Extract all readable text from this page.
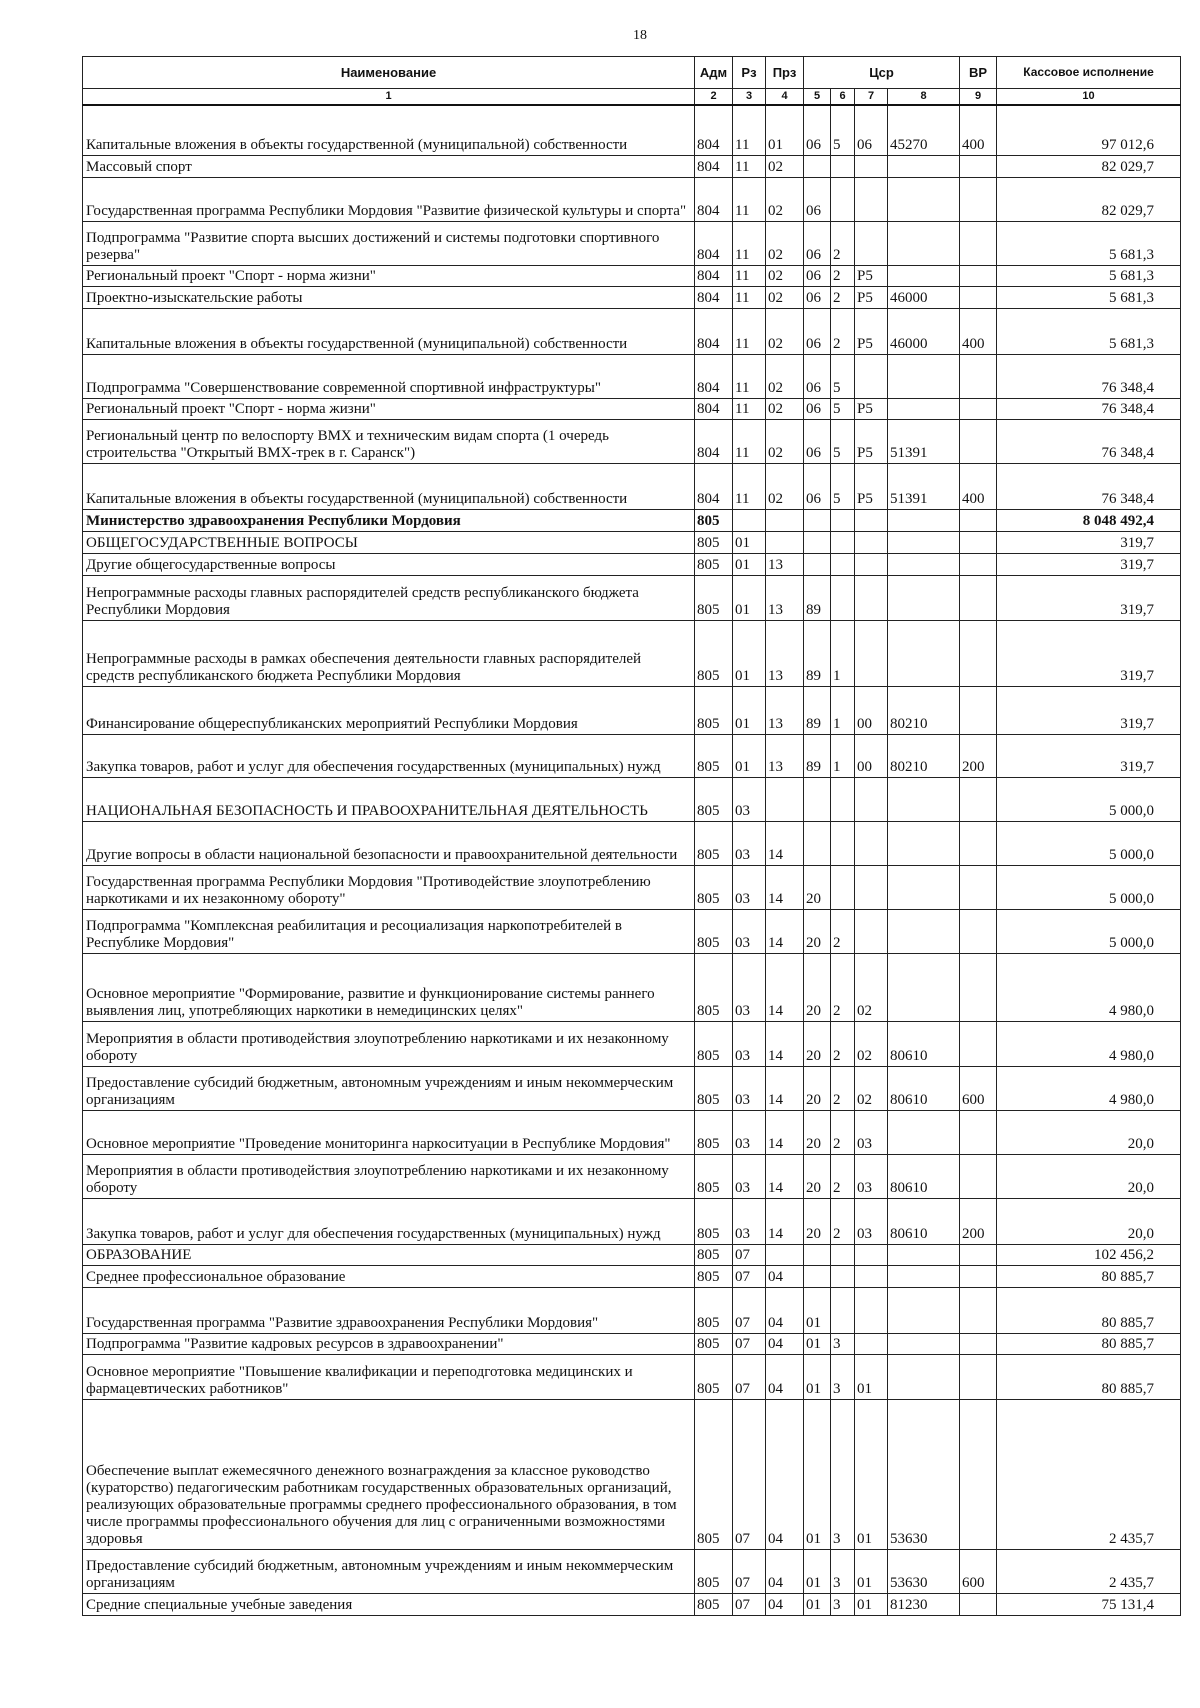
18
Наименование	Адм	Рз	Прз	Цср				ВР	Кассовое исполнение
1	2	3	4	5	6	7	8	9	10
Капитальные вложения в объекты государственной (муниципальной) собственности	804	11	01	06	5	06	45270	400	97 012,6
Массовый спорт	804	11	02						82 029,7
Государственная программа Республики Мордовия "Развитие физической культуры и спорта"	804	11	02	06					82 029,7
Подпрограмма "Развитие спорта высших достижений и системы подготовки спортивного резерва"	804	11	02	06	2				5 681,3
Региональный проект "Спорт - норма жизни"	804	11	02	06	2	P5			5 681,3
Проектно-изыскательские работы	804	11	02	06	2	P5	46000		5 681,3
Капитальные вложения в объекты государственной (муниципальной) собственности	804	11	02	06	2	P5	46000	400	5 681,3
Подпрограмма "Совершенствование современной спортивной инфраструктуры"	804	11	02	06	5				76 348,4
Региональный проект "Спорт - норма жизни"	804	11	02	06	5	P5			76 348,4
Региональный центр по велоспорту BMX и техническим видам спорта (1 очередь строительства "Открытый BMX-трек в г. Саранск")	804	11	02	06	5	P5	51391		76 348,4
Капитальные вложения в объекты государственной (муниципальной) собственности	804	11	02	06	5	P5	51391	400	76 348,4
Министерство здравоохранения Республики Мордовия	805								8 048 492,4
ОБЩЕГОСУДАРСТВЕННЫЕ ВОПРОСЫ	805	01							319,7
Другие общегосударственные вопросы	805	01	13						319,7
Непрограммные расходы главных распорядителей средств республиканского бюджета Республики Мордовия	805	01	13	89					319,7
Непрограммные расходы в рамках обеспечения деятельности главных распорядителей средств республиканского бюджета Республики Мордовия	805	01	13	89	1				319,7
Финансирование общереспубликанских мероприятий Республики Мордовия	805	01	13	89	1	00	80210		319,7
Закупка товаров, работ и услуг для обеспечения государственных (муниципальных) нужд	805	01	13	89	1	00	80210	200	319,7
НАЦИОНАЛЬНАЯ БЕЗОПАСНОСТЬ И ПРАВООХРАНИТЕЛЬНАЯ ДЕЯТЕЛЬНОСТЬ	805	03							5 000,0
Другие вопросы в области национальной безопасности и правоохранительной деятельности	805	03	14						5 000,0
Государственная программа Республики Мордовия "Противодействие злоупотреблению наркотиками и их незаконному обороту"	805	03	14	20					5 000,0
Подпрограмма "Комплексная реабилитация и ресоциализация наркопотребителей в Республике Мордовия"	805	03	14	20	2				5 000,0
Основное мероприятие "Формирование, развитие и функционирование системы раннего выявления лиц, употребляющих наркотики в немедицинских целях"	805	03	14	20	2	02			4 980,0
Мероприятия в области противодействия злоупотреблению наркотиками и их незаконному обороту	805	03	14	20	2	02	80610		4 980,0
Предоставление субсидий бюджетным, автономным учреждениям и иным некоммерческим организациям	805	03	14	20	2	02	80610	600	4 980,0
Основное мероприятие "Проведение мониторинга наркоситуации в Республике Мордовия"	805	03	14	20	2	03			20,0
Мероприятия в области противодействия злоупотреблению наркотиками и их незаконному обороту	805	03	14	20	2	03	80610		20,0
Закупка товаров, работ и услуг для обеспечения государственных (муниципальных) нужд	805	03	14	20	2	03	80610	200	20,0
ОБРАЗОВАНИЕ	805	07							102 456,2
Среднее профессиональное образование	805	07	04						80 885,7
Государственная программа "Развитие здравоохранения Республики Мордовия"	805	07	04	01					80 885,7
Подпрограмма "Развитие кадровых ресурсов в здравоохранении"	805	07	04	01	3				80 885,7
Основное мероприятие "Повышение квалификации и переподготовка медицинских и фармацевтических работников"	805	07	04	01	3	01			80 885,7
Обеспечение выплат ежемесячного денежного вознаграждения за классное руководство (кураторство) педагогическим работникам государственных образовательных организаций, реализующих образовательные программы среднего профессионального образования, в том числе программы профессионального обучения для лиц с ограниченными возможностями здоровья	805	07	04	01	3	01	53630		2 435,7
Предоставление субсидий бюджетным, автономным учреждениям и иным некоммерческим организациям	805	07	04	01	3	01	53630	600	2 435,7
Средние специальные учебные заведения	805	07	04	01	3	01	81230		75 131,4
